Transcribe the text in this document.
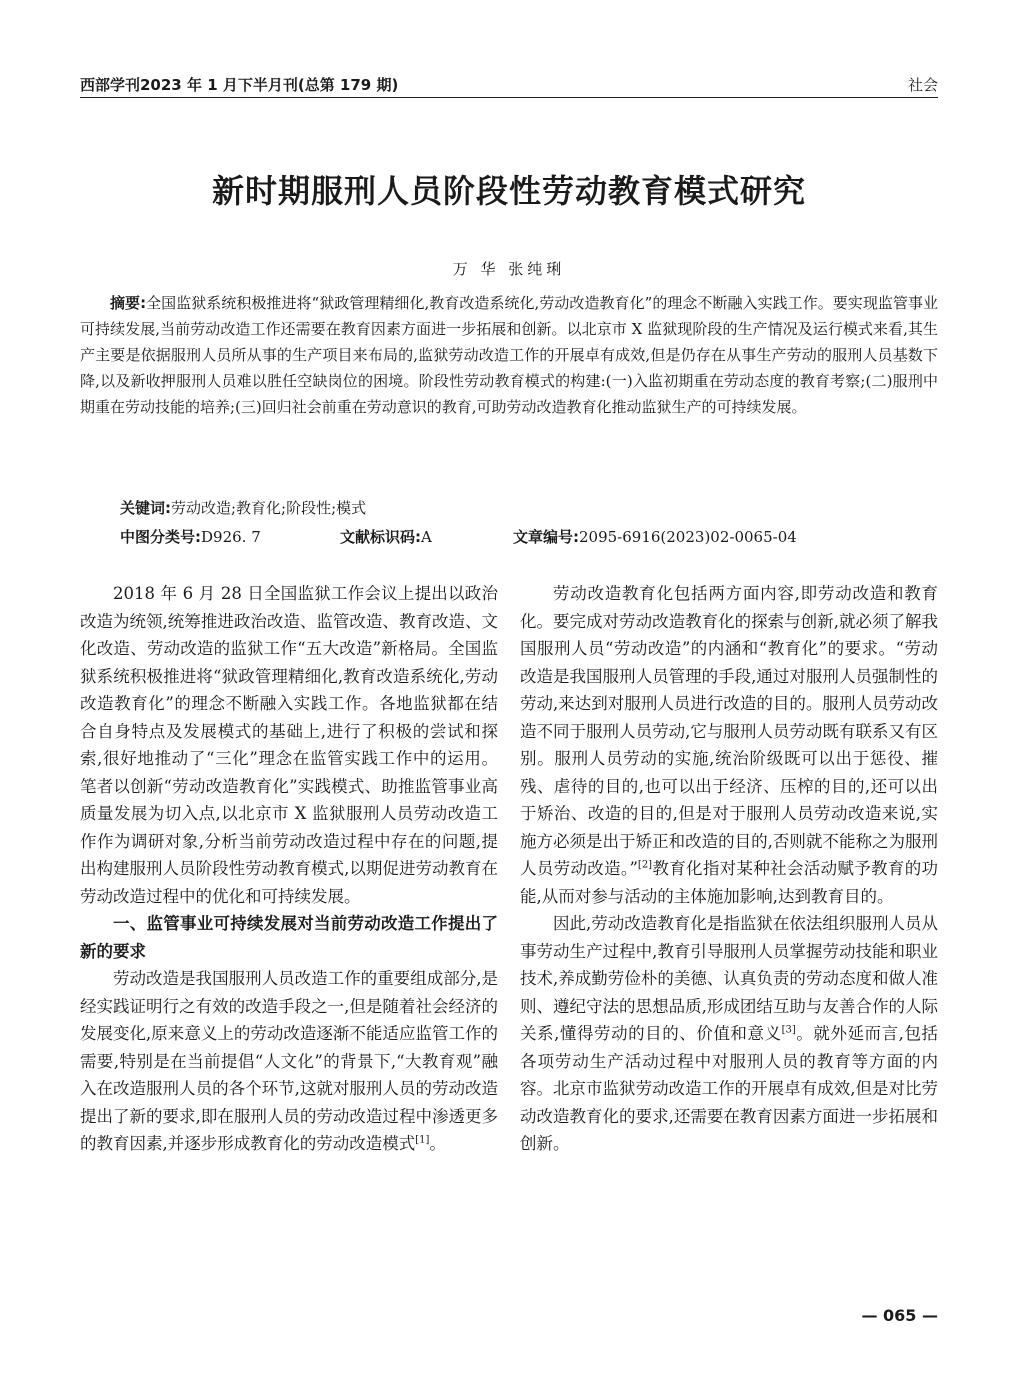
西部学刊2023 年 1 月下半月刊(总第 179 期)	社会
新时期服刑人员阶段性劳动教育模式研究
万 华 张纯琍
摘要:全国监狱系统积极推进将“狱政管理精细化,教育改造系统化,劳动改造教育化”的理念不断融入实践工作。要实现监管事业可持续发展,当前劳动改造工作还需要在教育因素方面进一步拓展和创新。以北京市 X 监狱现阶段的生产情况及运行模式来看,其生产主要是依据服刑人员所从事的生产项目来布局的,监狱劳动改造工作的开展卓有成效,但是仍存在从事生产劳动的服刑人员基数下降,以及新收押服刑人员难以胜任空缺岗位的困境。阶段性劳动教育模式的构建:(一)入监初期重在劳动态度的教育考察;(二)服刑中期重在劳动技能的培养;(三)回归社会前重在劳动意识的教育,可助劳动改造教育化推动监狱生产的可持续发展。
关键词:劳动改造;教育化;阶段性;模式
中图分类号:D926. 7	文献标识码:A	文章编号:2095-6916(2023)02-0065-04

2018 年 6 月 28 日全国监狱工作会议上提出以政治改造为统领,统筹推进政治改造、监管改造、教育改造、文化改造、劳动改造的监狱工作“五大改造”新格局。全国监狱系统积极推进将“狱政管理精细化,教育改造系统化,劳动改造教育化”的理念不断融入实践工作。各地监狱都在结合自身特点及发展模式的基础上,进行了积极的尝试和探索,很好地推动了“三化”理念在监管实践工作中的运用。笔者以创新“劳动改造教育化”实践模式、助推监管事业高质量发展为切入点,以北京市 X 监狱服刑人员劳动改造工作作为调研对象,分析当前劳动改造过程中存在的问题,提出构建服刑人员阶段性劳动教育模式,以期促进劳动教育在劳动改造过程中的优化和可持续发展。

一、监管事业可持续发展对当前劳动改造工作提出了新的要求

劳动改造是我国服刑人员改造工作的重要组成部分,是经实践证明行之有效的改造手段之一,但是随着社会经济的发展变化,原来意义上的劳动改造逐渐不能适应监管工作的需要,特别是在当前提倡“人文化”的背景下,“大教育观”融入在改造服刑人员的各个环节,这就对服刑人员的劳动改造提出了新的要求,即在服刑人员的劳动改造过程中渗透更多的教育因素,并逐步形成教育化的劳动改造模式[1]。

劳动改造教育化包括两方面内容,即劳动改造和教育化。要完成对劳动改造教育化的探索与创新,就必须了解我国服刑人员“劳动改造”的内涵和“教育化”的要求。“劳动改造是我国服刑人员管理的手段,通过对服刑人员强制性的劳动,来达到对服刑人员进行改造的目的。服刑人员劳动改造不同于服刑人员劳动,它与服刑人员劳动既有联系又有区别。服刑人员劳动的实施,统治阶级既可以出于惩役、摧残、虐待的目的,也可以出于经济、压榨的目的,还可以出于矫治、改造的目的,但是对于服刑人员劳动改造来说,实施方必须是出于矫正和改造的目的,否则就不能称之为服刑人员劳动改造。”[2]教育化指对某种社会活动赋予教育的功能,从而对参与活动的主体施加影响,达到教育目的。

因此,劳动改造教育化是指监狱在依法组织服刑人员从事劳动生产过程中,教育引导服刑人员掌握劳动技能和职业技术,养成勤劳俭朴的美德、认真负责的劳动态度和做人准则、遵纪守法的思想品质,形成团结互助与友善合作的人际关系,懂得劳动的目的、价值和意义[3]。就外延而言,包括各项劳动生产活动过程中对服刑人员的教育等方面的内容。北京市监狱劳动改造工作的开展卓有成效,但是对比劳动改造教育化的要求,还需要在教育因素方面进一步拓展和创新。

— 065 —
